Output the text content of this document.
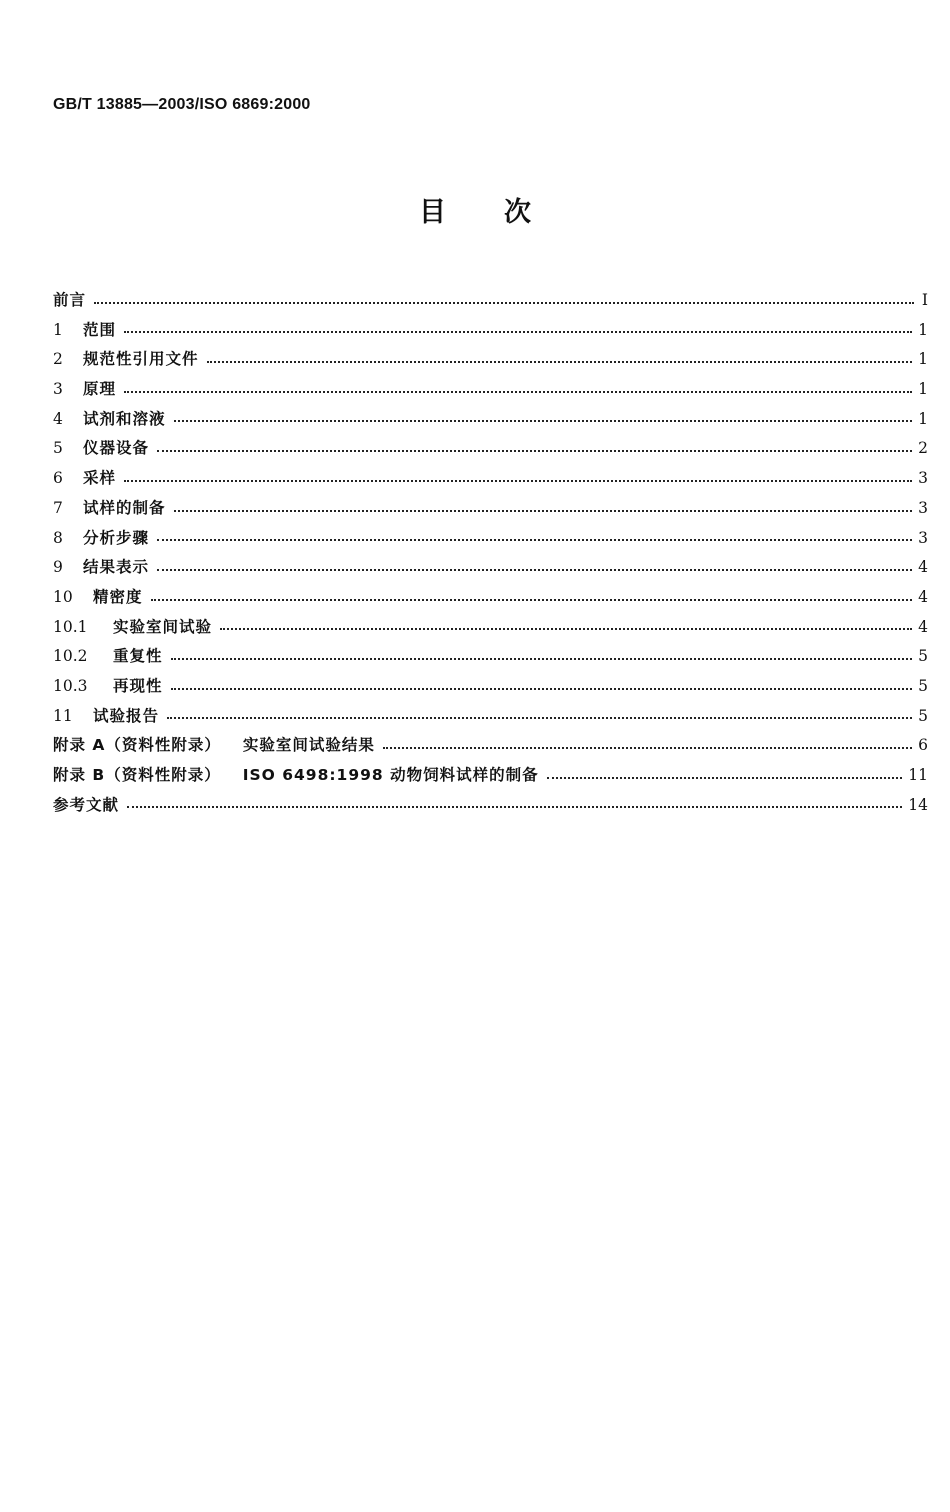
GB/T 13885—2003/ISO 6869:2000
目 次
前言	Ⅰ
1	范围	1
2	规范性引用文件	1
3	原理	1
4	试剂和溶液	1
5	仪器设备	2
6	采样	3
7	试样的制备	3
8	分析步骤	3
9	结果表示	4
10	精密度	4
10.1	实验室间试验	4
10.2	重复性	5
10.3	再现性	5
11	试验报告	5
附录 A（资料性附录） 实验室间试验结果	6
附录 B（资料性附录） ISO 6498:1998 动物饲料试样的制备	11
参考文献	14
